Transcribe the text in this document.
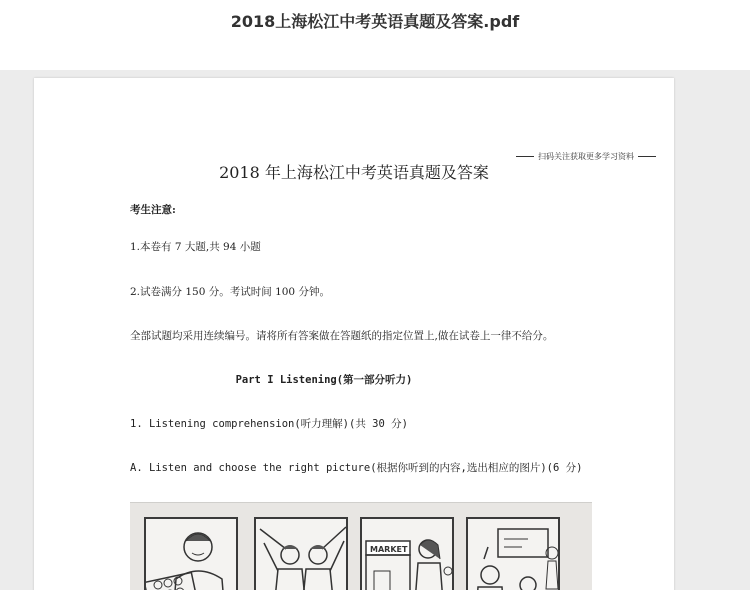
2018上海松江中考英语真题及答案.pdf
扫码关注获取更多学习资料
2018 年上海松江中考英语真题及答案
考生注意:
1.本卷有 7 大题,共 94 小题
2.试卷满分 150 分。考试时间 100 分钟。
全部试题均采用连续编号。请将所有答案做在答题纸的指定位置上,做在试卷上一律不给分。
Part I Listening(第一部分听力)
1. Listening comprehension(听力理解)(共 30 分)
A. Listen and choose the right picture(根据你听到的内容,选出相应的图片)(6 分)
MARKET
